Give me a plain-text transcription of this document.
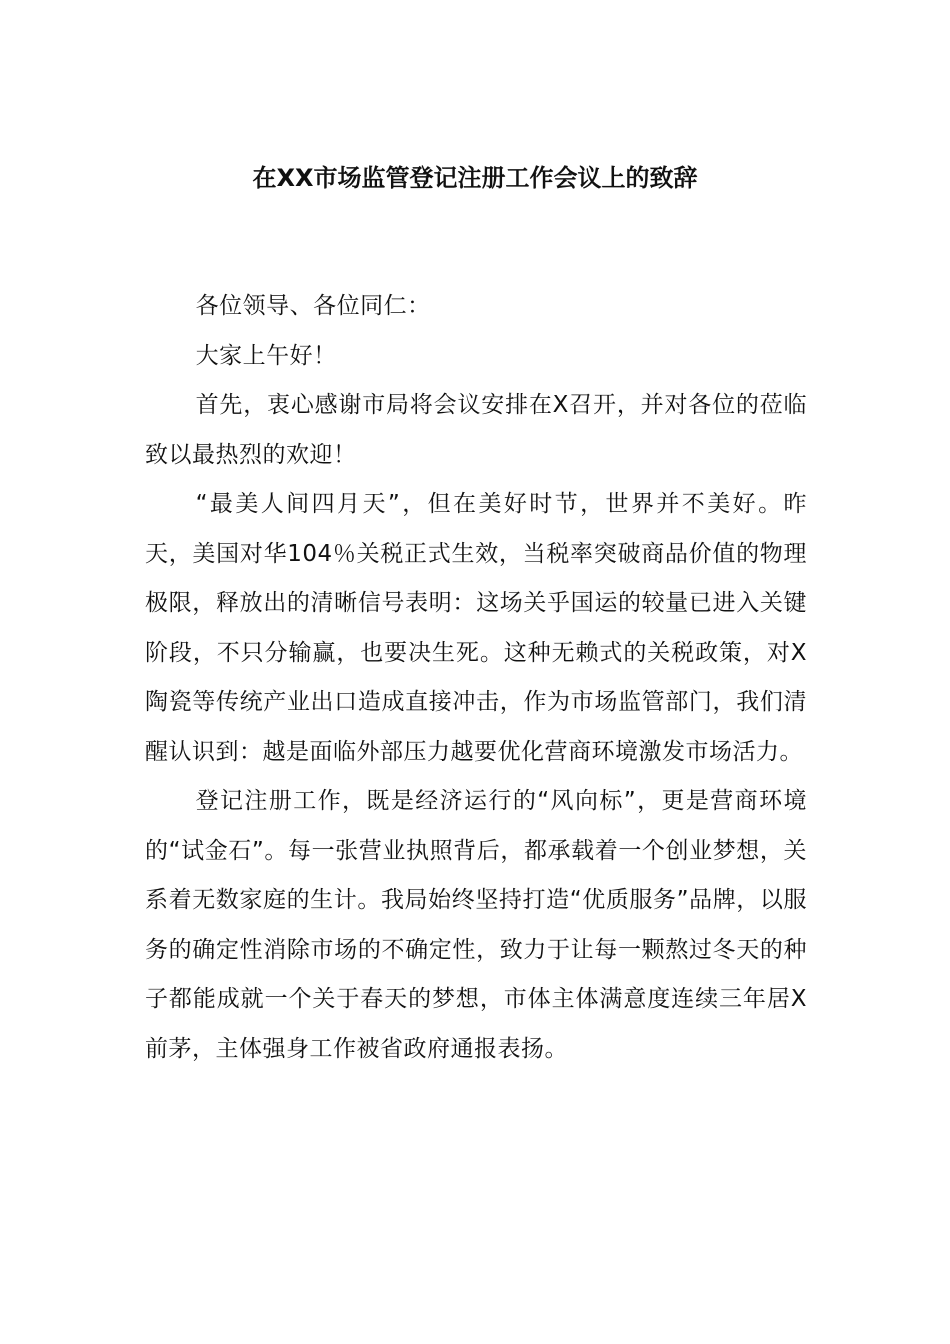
在XX市场监管登记注册工作会议上的致辞

各位领导、各位同仁：

大家上午好！

首先，衷心感谢市局将会议安排在X召开，并对各位的莅临致以最热烈的欢迎！

“最美人间四月天”，但在美好时节，世界并不美好。昨天，美国对华104％关税正式生效，当税率突破商品价值的物理极限，释放出的清晰信号表明：这场关乎国运的较量已进入关键阶段，不只分输赢，也要决生死。这种无赖式的关税政策，对X陶瓷等传统产业出口造成直接冲击，作为市场监管部门，我们清醒认识到：越是面临外部压力越要优化营商环境激发市场活力。

登记注册工作，既是经济运行的“风向标”，更是营商环境的“试金石”。每一张营业执照背后，都承载着一个创业梦想，关系着无数家庭的生计。我局始终坚持打造“优质服务”品牌，以服务的确定性消除市场的不确定性，致力于让每一颗熬过冬天的种子都能成就一个关于春天的梦想，市体主体满意度连续三年居X前茅，主体强身工作被省政府通报表扬。
